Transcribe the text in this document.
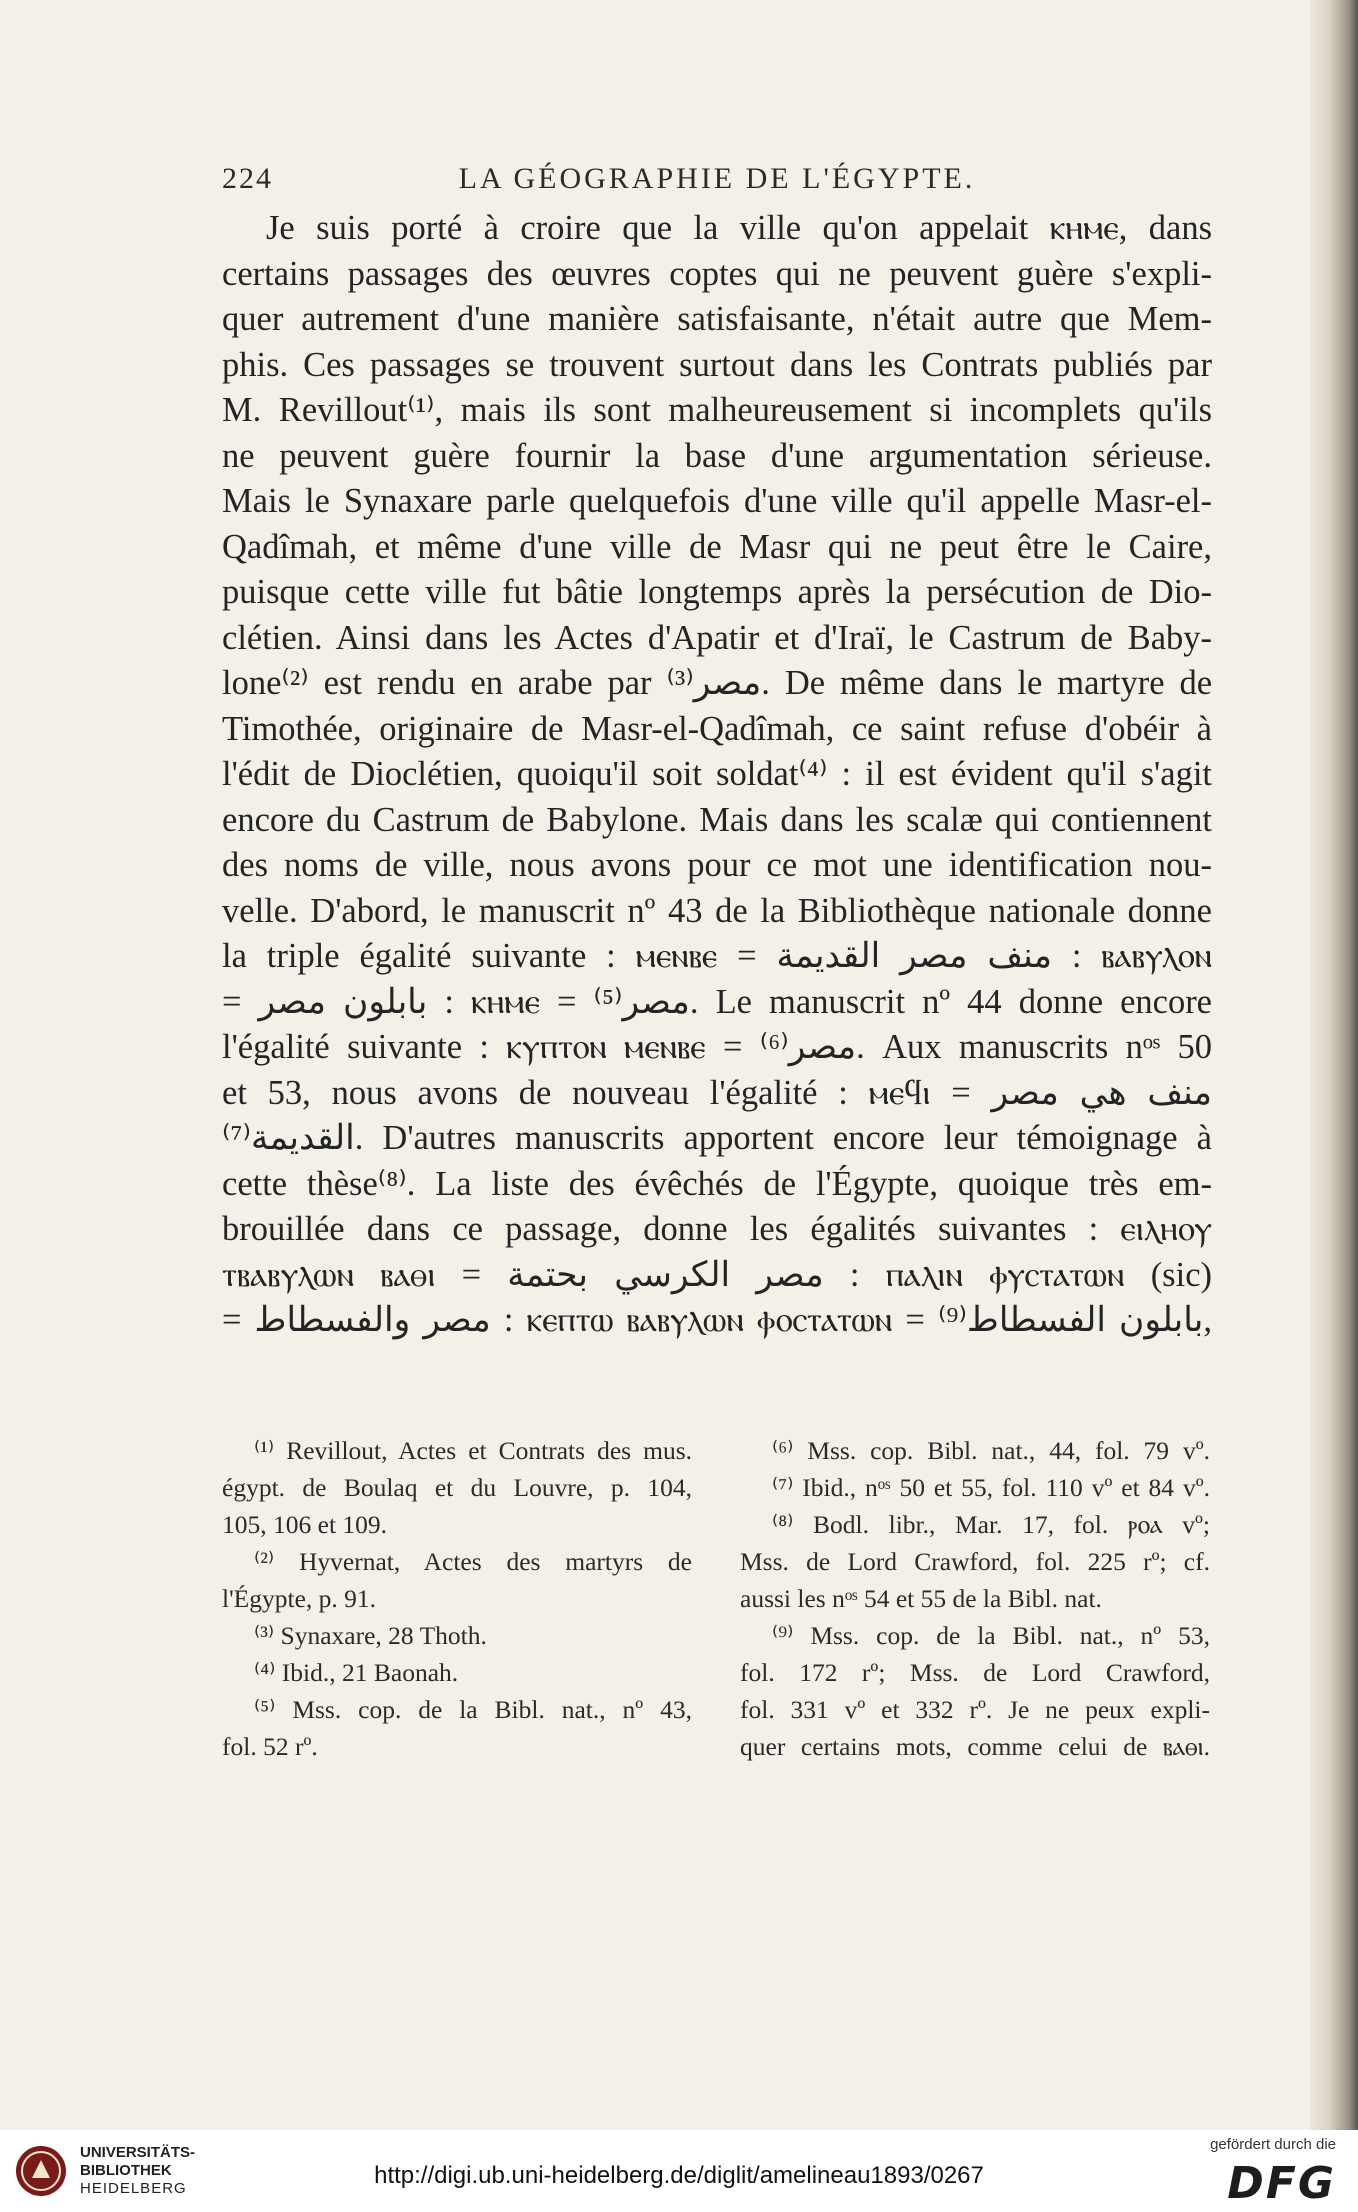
224	LA GÉOGRAPHIE DE L'ÉGYPTE.
Je suis porté à croire que la ville qu'on appelait ⲕⲏⲙⲉ, dans
certains passages des œuvres coptes qui ne peuvent guère s'expli-
quer autrement d'une manière satisfaisante, n'était autre que Mem-
phis. Ces passages se trouvent surtout dans les Contrats publiés par
M. Revillout⁽¹⁾, mais ils sont malheureusement si incomplets qu'ils
ne peuvent guère fournir la base d'une argumentation sérieuse.
Mais le Synaxare parle quelquefois d'une ville qu'il appelle Masr-el-
Qadîmah, et même d'une ville de Masr qui ne peut être le Caire,
puisque cette ville fut bâtie longtemps après la persécution de Dio-
clétien. Ainsi dans les Actes d'Apatir et d'Iraï, le Castrum de Baby-
lone⁽²⁾ est rendu en arabe par مصر⁽³⁾. De même dans le martyre de
Timothée, originaire de Masr-el-Qadîmah, ce saint refuse d'obéir à
l'édit de Dioclétien, quoiqu'il soit soldat⁽⁴⁾ : il est évident qu'il s'agit
encore du Castrum de Babylone. Mais dans les scalæ qui contiennent
des noms de ville, nous avons pour ce mot une identification nou-
velle. D'abord, le manuscrit nº 43 de la Bibliothèque nationale donne
la triple égalité suivante : ⲙⲉⲛⲃⲉ = منف مصر القديمة : ⲃⲁⲃⲩⲗⲟⲛ
= بابلون مصر : ⲕⲏⲙⲉ = مصر⁽⁵⁾. Le manuscrit nº 44 donne encore
l'égalité suivante : ⲕⲩⲡⲧⲟⲛ ⲙⲉⲛⲃⲉ = مصر⁽⁶⁾. Aux manuscrits nᵒˢ 50
et 53, nous avons de nouveau l'égalité : ⲙⲉϥⲓ = منف هي مصر
القديمة⁽⁷⁾. D'autres manuscrits apportent encore leur témoignage à
cette thèse⁽⁸⁾. La liste des évêchés de l'Égypte, quoique très em-
brouillée dans ce passage, donne les égalités suivantes : ⲉⲓⲗⲏⲟⲩ
ⲧⲃⲁⲃⲩⲗⲱⲛ ⲃⲁⲑⲓ = مصر الكرسي بحتمة : ⲡⲁⲗⲓⲛ ⲫⲩⲥⲧⲁⲧⲱⲛ (sic)
= مصر والفسطاط : ⲕⲉⲡⲧⲱ ⲃⲁⲃⲩⲗⲱⲛ ⲫⲟⲥⲧⲁⲧⲱⲛ = بابلون الفسطاط⁽⁹⁾,
⁽¹⁾ Revillout, Actes et Contrats des mus.
égypt. de Boulaq et du Louvre, p. 104,
105, 106 et 109.
⁽²⁾ Hyvernat, Actes des martyrs de
l'Égypte, p. 91.
⁽³⁾ Synaxare, 28 Thoth.
⁽⁴⁾ Ibid., 21 Baonah.
⁽⁵⁾ Mss. cop. de la Bibl. nat., nº 43,
fol. 52 rº.
⁽⁶⁾ Mss. cop. Bibl. nat., 44, fol. 79 vº.
⁽⁷⁾ Ibid., nᵒˢ 50 et 55, fol. 110 vº et 84 vº.
⁽⁸⁾ Bodl. libr., Mar. 17, fol. ⲣⲟⲁ vº;
Mss. de Lord Crawford, fol. 225 rº; cf.
aussi les nᵒˢ 54 et 55 de la Bibl. nat.
⁽⁹⁾ Mss. cop. de la Bibl. nat., nº 53,
fol. 172 rº; Mss. de Lord Crawford,
fol. 331 vº et 332 rº. Je ne peux expli-
quer certains mots, comme celui de ⲃⲁⲑⲓ.
UNIVERSITÄTS-
BIBLIOTHEK
HEIDELBERG	http://digi.ub.uni-heidelberg.de/diglit/amelineau1893/0267
gefördert durch die
DFG
